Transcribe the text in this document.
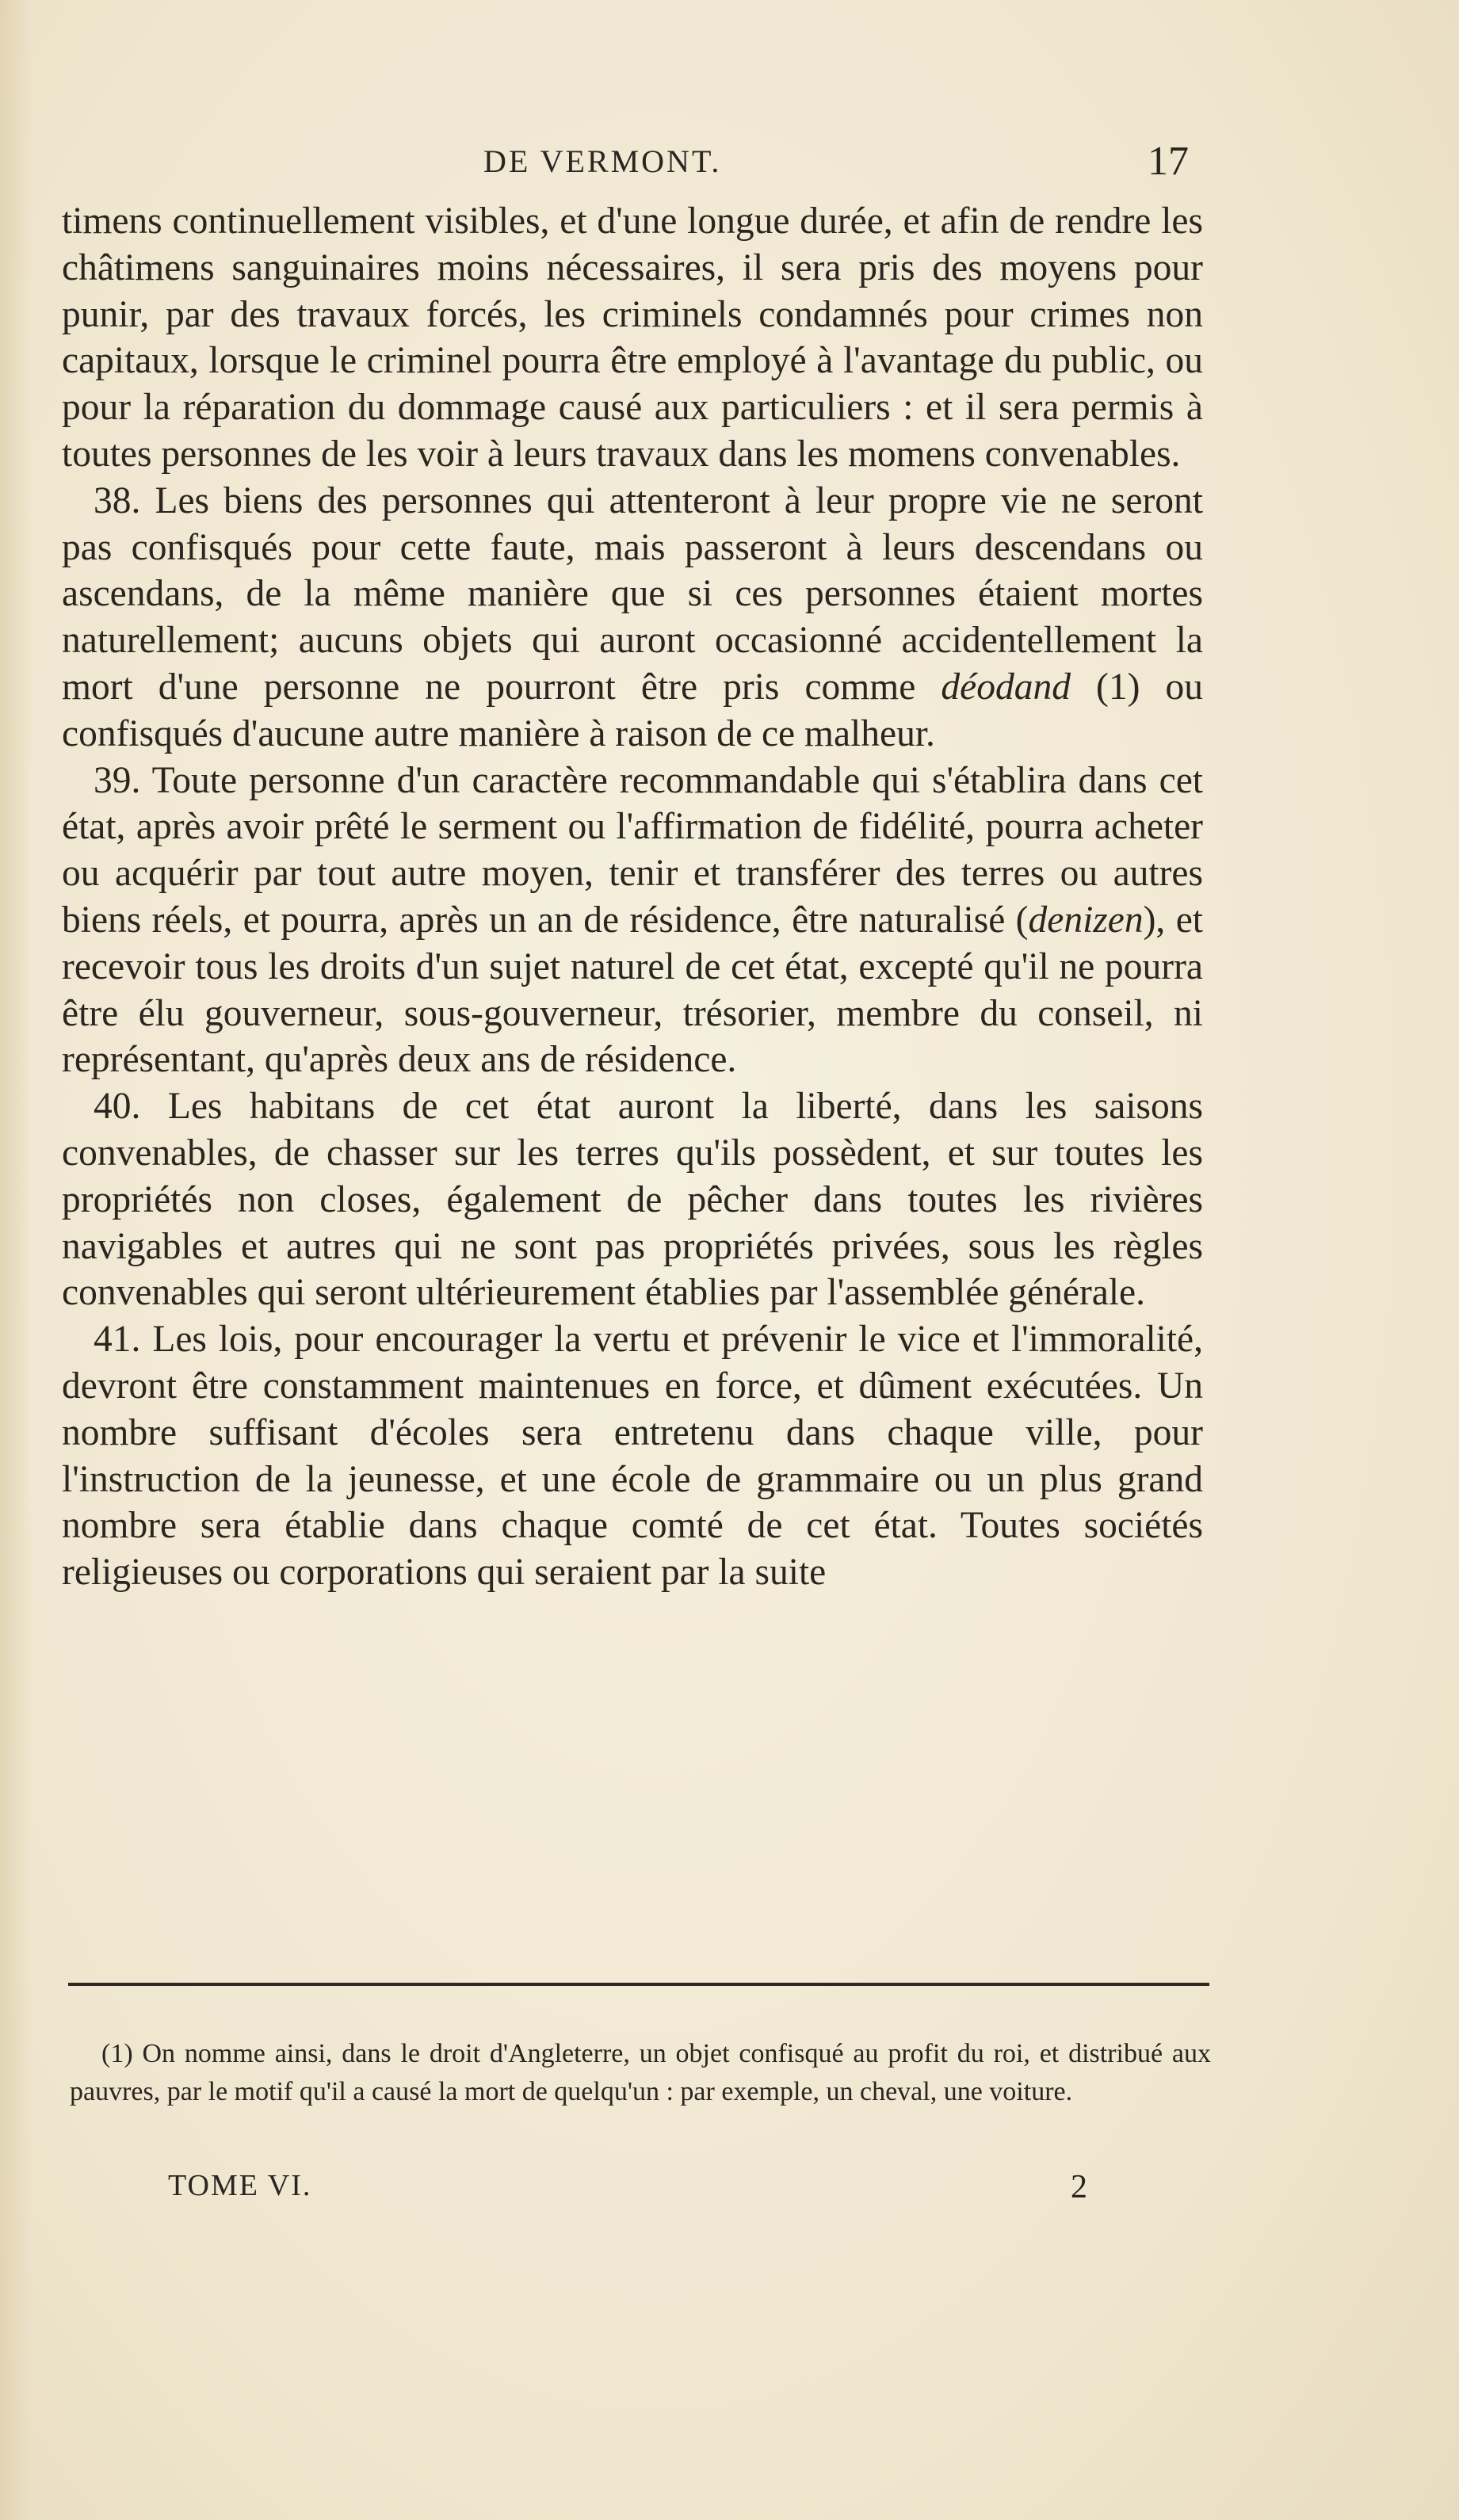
DE VERMONT.	17

timens continuellement visibles, et d'une longue durée, et afin de rendre les châtimens sanguinaires moins nécessaires, il sera pris des moyens pour punir, par des travaux forcés, les criminels condamnés pour crimes non capitaux, lorsque le criminel pourra être employé à l'avantage du public, ou pour la réparation du dommage causé aux particuliers : et il sera permis à toutes personnes de les voir à leurs travaux dans les momens convenables.

38. Les biens des personnes qui attenteront à leur propre vie ne seront pas confisqués pour cette faute, mais passeront à leurs descendans ou ascendans, de la même manière que si ces personnes étaient mortes naturellement; aucuns objets qui auront occasionné accidentellement la mort d'une personne ne pourront être pris comme déodand (1) ou confisqués d'aucune autre manière à raison de ce malheur.

39. Toute personne d'un caractère recommandable qui s'établira dans cet état, après avoir prêté le serment ou l'affirmation de fidélité, pourra acheter ou acquérir par tout autre moyen, tenir et transférer des terres ou autres biens réels, et pourra, après un an de résidence, être naturalisé (denizen), et recevoir tous les droits d'un sujet naturel de cet état, excepté qu'il ne pourra être élu gouverneur, sous-gouverneur, trésorier, membre du conseil, ni représentant, qu'après deux ans de résidence.

40. Les habitans de cet état auront la liberté, dans les saisons convenables, de chasser sur les terres qu'ils possèdent, et sur toutes les propriétés non closes, également de pêcher dans toutes les rivières navigables et autres qui ne sont pas propriétés privées, sous les règles convenables qui seront ultérieurement établies par l'assemblée générale.

41. Les lois, pour encourager la vertu et prévenir le vice et l'immoralité, devront être constamment maintenues en force, et dûment exécutées. Un nombre suffisant d'écoles sera entretenu dans chaque ville, pour l'instruction de la jeunesse, et une école de grammaire ou un plus grand nombre sera établie dans chaque comté de cet état. Toutes sociétés religieuses ou corporations qui seraient par la suite

(1) On nomme ainsi, dans le droit d'Angleterre, un objet confisqué au profit du roi, et distribué aux pauvres, par le motif qu'il a causé la mort de quelqu'un : par exemple, un cheval, une voiture.

TOME VI.	2
